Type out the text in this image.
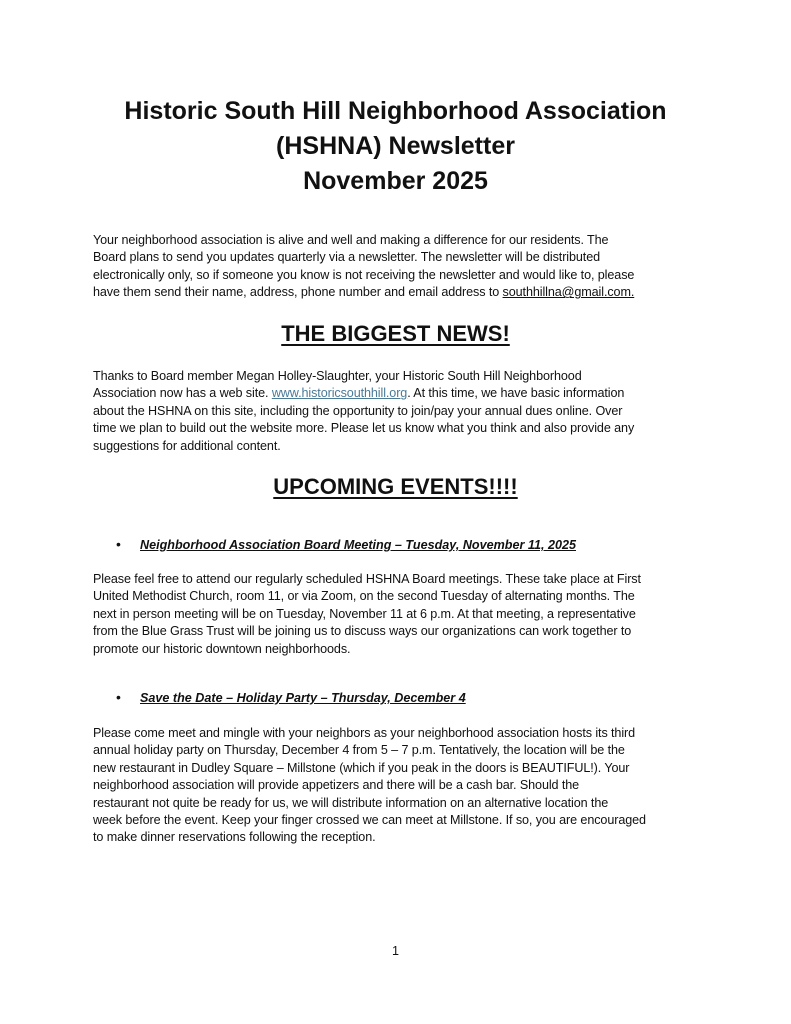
Historic South Hill Neighborhood Association
(HSHNA) Newsletter
November 2025

Your neighborhood association is alive and well and making a difference for our residents. The
Board plans to send you updates quarterly via a newsletter. The newsletter will be distributed
electronically only, so if someone you know is not receiving the newsletter and would like to, please
have them send their name, address, phone number and email address to southhillna@gmail.com.

THE BIGGEST NEWS!

Thanks to Board member Megan Holley-Slaughter, your Historic South Hill Neighborhood
Association now has a web site. www.historicsouthhill.org. At this time, we have basic information
about the HSHNA on this site, including the opportunity to join/pay your annual dues online. Over
time we plan to build out the website more. Please let us know what you think and also provide any
suggestions for additional content.

UPCOMING EVENTS!!!!

• Neighborhood Association Board Meeting – Tuesday, November 11, 2025

Please feel free to attend our regularly scheduled HSHNA Board meetings. These take place at First
United Methodist Church, room 11, or via Zoom, on the second Tuesday of alternating months. The
next in person meeting will be on Tuesday, November 11 at 6 p.m. At that meeting, a representative
from the Blue Grass Trust will be joining us to discuss ways our organizations can work together to
promote our historic downtown neighborhoods.

• Save the Date – Holiday Party – Thursday, December 4

Please come meet and mingle with your neighbors as your neighborhood association hosts its third
annual holiday party on Thursday, December 4 from 5 – 7 p.m. Tentatively, the location will be the
new restaurant in Dudley Square – Millstone (which if you peak in the doors is BEAUTIFUL!). Your
neighborhood association will provide appetizers and there will be a cash bar. Should the
restaurant not quite be ready for us, we will distribute information on an alternative location the
week before the event. Keep your finger crossed we can meet at Millstone. If so, you are encouraged
to make dinner reservations following the reception.

1
